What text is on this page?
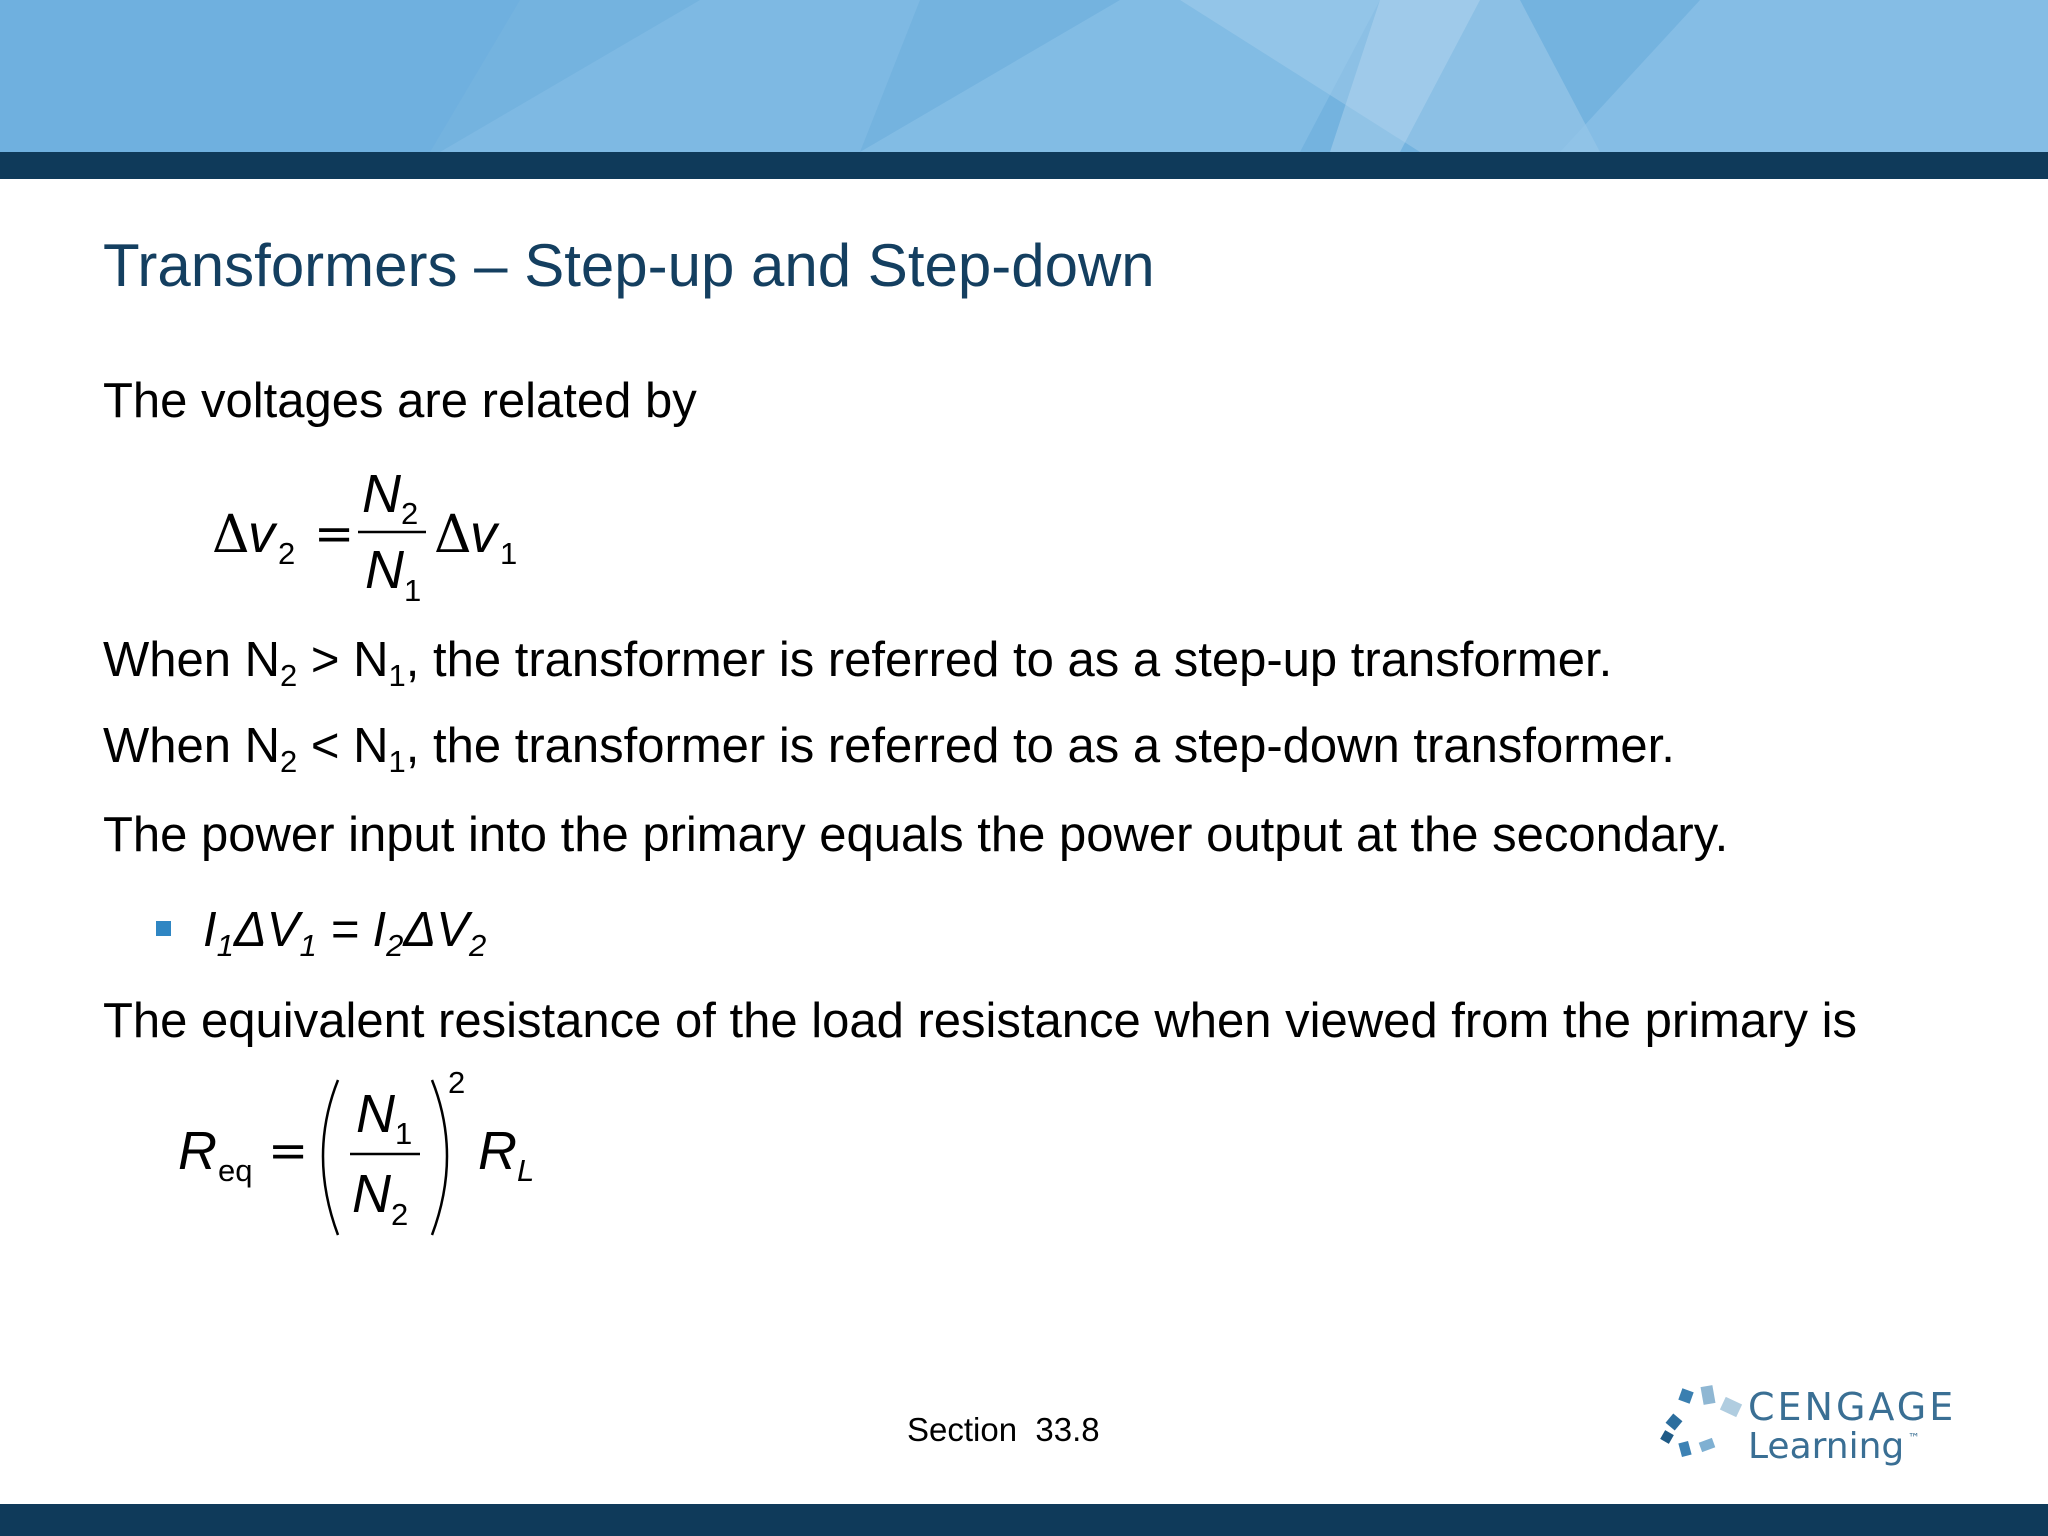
Transformers – Step-up and Step-down
The voltages are related by
Δ
v 2 =
N 2
N 1
Δ
v 1
When $N_2 > N_1$, the transformer is referred to as a step-up transformer.
When $N_2 < N_1$, the transformer is referred to as a step-down transformer.
The power input into the primary equals the power output at the secondary.
$I_1\Delta V_1 = I_2\Delta V_2$
The equivalent resistance of the load resistance when viewed from the primary is
R eq =
N 1
N 2
2
R L
Section  33.8
CENGAGE
Learning ™
